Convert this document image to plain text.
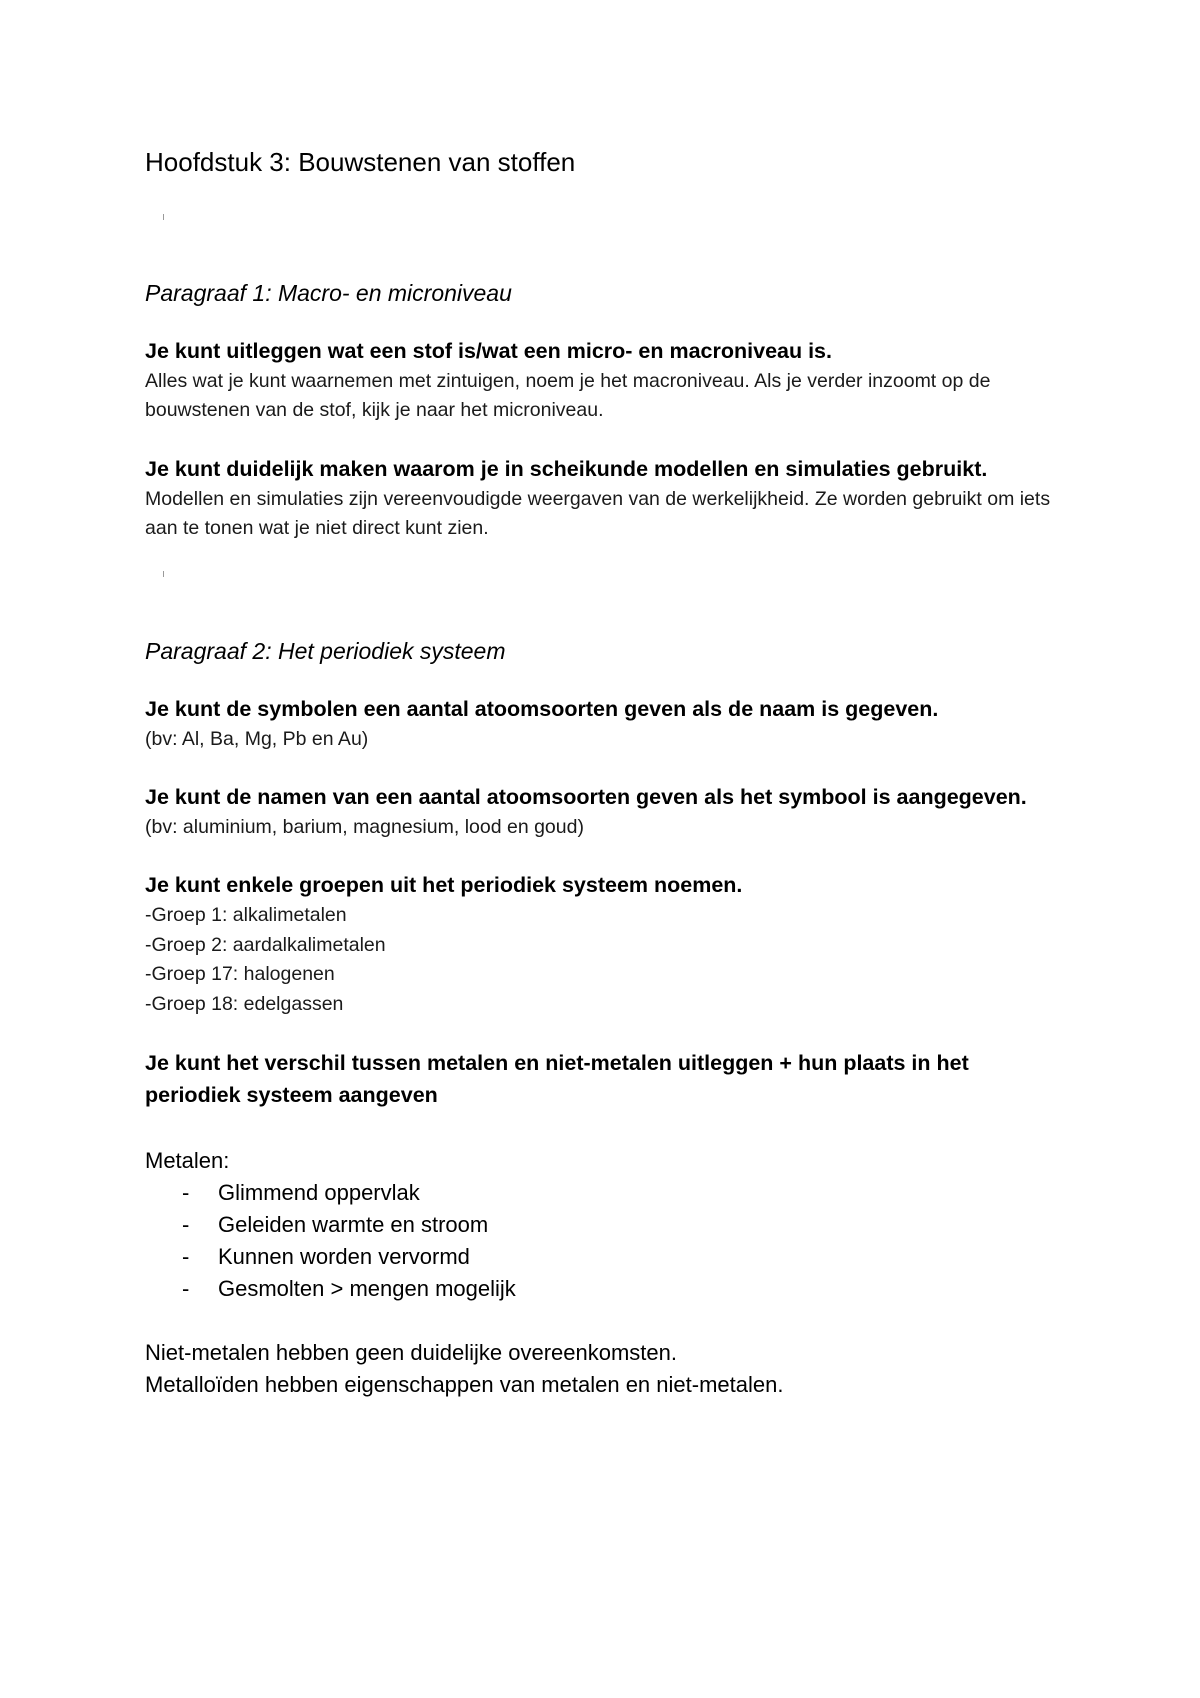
Hoofdstuk 3: Bouwstenen van stoffen
Paragraaf 1: Macro- en microniveau

Je kunt uitleggen wat een stof is/wat een micro- en macroniveau is.

Alles wat je kunt waarnemen met zintuigen, noem je het macroniveau. Als je verder inzoomt op de bouwstenen van de stof, kijk je naar het microniveau.

Je kunt duidelijk maken waarom je in scheikunde modellen en simulaties gebruikt.

Modellen en simulaties zijn vereenvoudigde weergaven van de werkelijkheid. Ze worden gebruikt om iets aan te tonen wat je niet direct kunt zien.

Paragraaf 2: Het periodiek systeem

Je kunt de symbolen een aantal atoomsoorten geven als de naam is gegeven.

(bv: Al, Ba, Mg, Pb en Au)

Je kunt de namen van een aantal atoomsoorten geven als het symbool is aangegeven.

(bv: aluminium, barium, magnesium, lood en goud)

Je kunt enkele groepen uit het periodiek systeem noemen.

-Groep 1: alkalimetalen
-Groep 2: aardalkalimetalen
-Groep 17: halogenen
-Groep 18: edelgassen

Je kunt het verschil tussen metalen en niet-metalen uitleggen + hun plaats in het periodiek systeem aangeven

Metalen:

- Glimmend oppervlak
- Geleiden warmte en stroom
- Kunnen worden vervormd
- Gesmolten > mengen mogelijk

Niet-metalen hebben geen duidelijke overeenkomsten.

Metalloïden hebben eigenschappen van metalen en niet-metalen.
